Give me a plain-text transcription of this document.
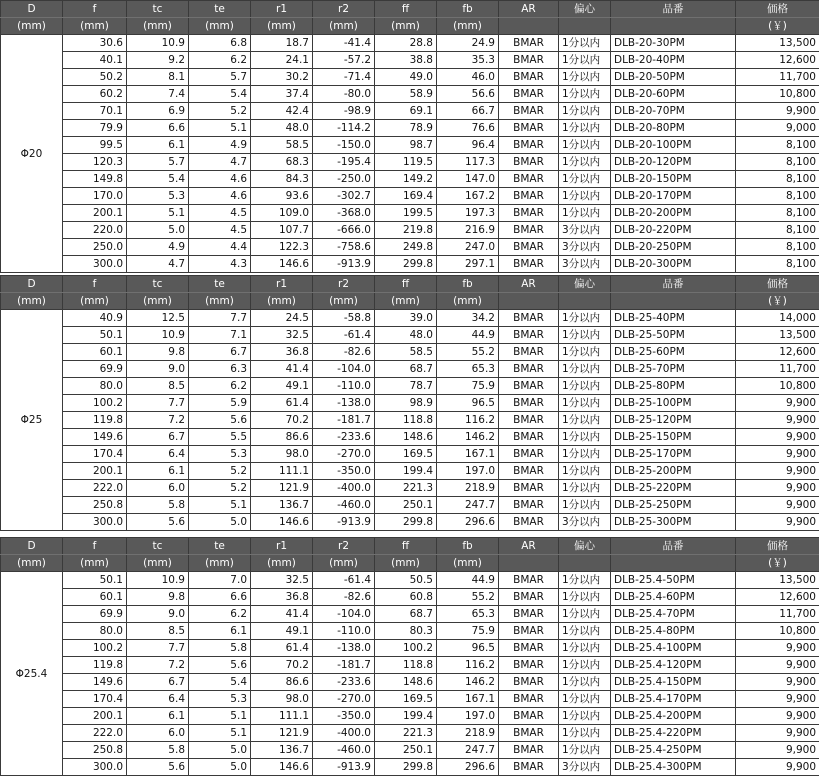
D	f	tc	te	r1	r2	ff	fb	AR	偏心	品番	価格
(mm)	(mm)	(mm)	(mm)	(mm)	(mm)	(mm)	(mm)				(￥)
Φ20	30.6	10.9	6.8	18.7	-41.4	28.8	24.9	BMAR	1分以内	DLB-20-30PM	13,500
	40.1	9.2	6.2	24.1	-57.2	38.8	35.3	BMAR	1分以内	DLB-20-40PM	12,600
	50.2	8.1	5.7	30.2	-71.4	49.0	46.0	BMAR	1分以内	DLB-20-50PM	11,700
	60.2	7.4	5.4	37.4	-80.0	58.9	56.6	BMAR	1分以内	DLB-20-60PM	10,800
	70.1	6.9	5.2	42.4	-98.9	69.1	66.7	BMAR	1分以内	DLB-20-70PM	9,900
	79.9	6.6	5.1	48.0	-114.2	78.9	76.6	BMAR	1分以内	DLB-20-80PM	9,000
	99.5	6.1	4.9	58.5	-150.0	98.7	96.4	BMAR	1分以内	DLB-20-100PM	8,100
	120.3	5.7	4.7	68.3	-195.4	119.5	117.3	BMAR	1分以内	DLB-20-120PM	8,100
	149.8	5.4	4.6	84.3	-250.0	149.2	147.0	BMAR	1分以内	DLB-20-150PM	8,100
	170.0	5.3	4.6	93.6	-302.7	169.4	167.2	BMAR	1分以内	DLB-20-170PM	8,100
	200.1	5.1	4.5	109.0	-368.0	199.5	197.3	BMAR	1分以内	DLB-20-200PM	8,100
	220.0	5.0	4.5	107.7	-666.0	219.8	216.9	BMAR	3分以内	DLB-20-220PM	8,100
	250.0	4.9	4.4	122.3	-758.6	249.8	247.0	BMAR	3分以内	DLB-20-250PM	8,100
	300.0	4.7	4.3	146.6	-913.9	299.8	297.1	BMAR	3分以内	DLB-20-300PM	8,100
D	f	tc	te	r1	r2	ff	fb	AR	偏心	品番	価格
(mm)	(mm)	(mm)	(mm)	(mm)	(mm)	(mm)	(mm)				(￥)
Φ25	40.9	12.5	7.7	24.5	-58.8	39.0	34.2	BMAR	1分以内	DLB-25-40PM	14,000
	50.1	10.9	7.1	32.5	-61.4	48.0	44.9	BMAR	1分以内	DLB-25-50PM	13,500
	60.1	9.8	6.7	36.8	-82.6	58.5	55.2	BMAR	1分以内	DLB-25-60PM	12,600
	69.9	9.0	6.3	41.4	-104.0	68.7	65.3	BMAR	1分以内	DLB-25-70PM	11,700
	80.0	8.5	6.2	49.1	-110.0	78.7	75.9	BMAR	1分以内	DLB-25-80PM	10,800
	100.2	7.7	5.9	61.4	-138.0	98.9	96.5	BMAR	1分以内	DLB-25-100PM	9,900
	119.8	7.2	5.6	70.2	-181.7	118.8	116.2	BMAR	1分以内	DLB-25-120PM	9,900
	149.6	6.7	5.5	86.6	-233.6	148.6	146.2	BMAR	1分以内	DLB-25-150PM	9,900
	170.4	6.4	5.3	98.0	-270.0	169.5	167.1	BMAR	1分以内	DLB-25-170PM	9,900
	200.1	6.1	5.2	111.1	-350.0	199.4	197.0	BMAR	1分以内	DLB-25-200PM	9,900
	222.0	6.0	5.2	121.9	-400.0	221.3	218.9	BMAR	1分以内	DLB-25-220PM	9,900
	250.8	5.8	5.1	136.7	-460.0	250.1	247.7	BMAR	1分以内	DLB-25-250PM	9,900
	300.0	5.6	5.0	146.6	-913.9	299.8	296.6	BMAR	3分以内	DLB-25-300PM	9,900
D	f	tc	te	r1	r2	ff	fb	AR	偏心	品番	価格
(mm)	(mm)	(mm)	(mm)	(mm)	(mm)	(mm)	(mm)				(￥)
Φ25.4	50.1	10.9	7.0	32.5	-61.4	50.5	44.9	BMAR	1分以内	DLB-25.4-50PM	13,500
	60.1	9.8	6.6	36.8	-82.6	60.8	55.2	BMAR	1分以内	DLB-25.4-60PM	12,600
	69.9	9.0	6.2	41.4	-104.0	68.7	65.3	BMAR	1分以内	DLB-25.4-70PM	11,700
	80.0	8.5	6.1	49.1	-110.0	80.3	75.9	BMAR	1分以内	DLB-25.4-80PM	10,800
	100.2	7.7	5.8	61.4	-138.0	100.2	96.5	BMAR	1分以内	DLB-25.4-100PM	9,900
	119.8	7.2	5.6	70.2	-181.7	118.8	116.2	BMAR	1分以内	DLB-25.4-120PM	9,900
	149.6	6.7	5.4	86.6	-233.6	148.6	146.2	BMAR	1分以内	DLB-25.4-150PM	9,900
	170.4	6.4	5.3	98.0	-270.0	169.5	167.1	BMAR	1分以内	DLB-25.4-170PM	9,900
	200.1	6.1	5.1	111.1	-350.0	199.4	197.0	BMAR	1分以内	DLB-25.4-200PM	9,900
	222.0	6.0	5.1	121.9	-400.0	221.3	218.9	BMAR	1分以内	DLB-25.4-220PM	9,900
	250.8	5.8	5.0	136.7	-460.0	250.1	247.7	BMAR	1分以内	DLB-25.4-250PM	9,900
	300.0	5.6	5.0	146.6	-913.9	299.8	296.6	BMAR	3分以内	DLB-25.4-300PM	9,900
